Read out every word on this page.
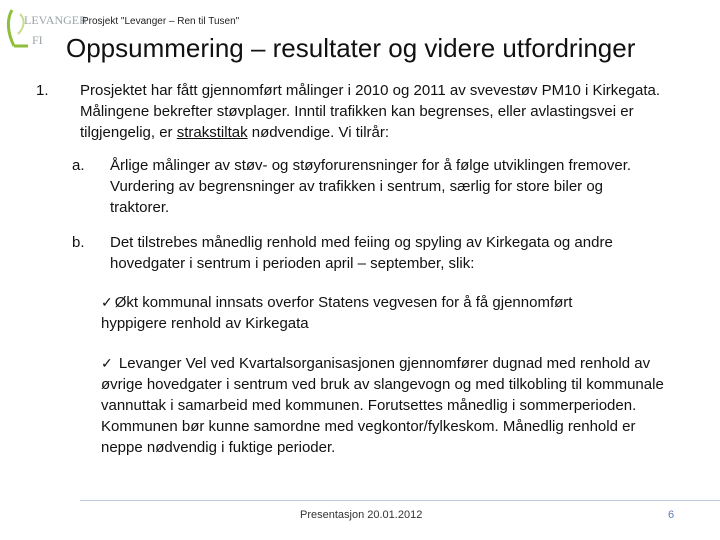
LEVANGER
FI
Prosjekt "Levanger – Ren til Tusen"
Oppsummering – resultater og videre utfordringer
1. Prosjektet har fått gjennomført målinger i 2010 og 2011 av svevestøv PM10 i Kirkegata. Målingene bekrefter støvplager. Inntil trafikken kan begrenses, eller avlastingsvei er tilgjengelig, er strakstiltak nødvendige. Vi tilrår:
a. Årlige målinger av støv- og støyforurensninger for å følge utviklingen fremover. Vurdering av begrensninger av trafikken i sentrum, særlig for store biler og traktorer.
b. Det tilstrebes månedlig renhold med feiing og spyling av Kirkegata og andre hovedgater i sentrum i perioden april – september, slik:
✓ Økt kommunal innsats overfor Statens vegvesen for å få gjennomført hyppigere renhold av Kirkegata
✓ Levanger Vel ved Kvartalsorganisasjonen gjennomfører dugnad med renhold av øvrige hovedgater i sentrum ved bruk av slangevogn og med tilkobling til kommunale vannuttak i samarbeid med kommunen. Forutsettes månedlig i sommerperioden. Kommunen bør kunne samordne med vegkontor/fylkeskom. Månedlig renhold er neppe nødvendig i fuktige perioder.
Presentasjon 20.01.2012	6
